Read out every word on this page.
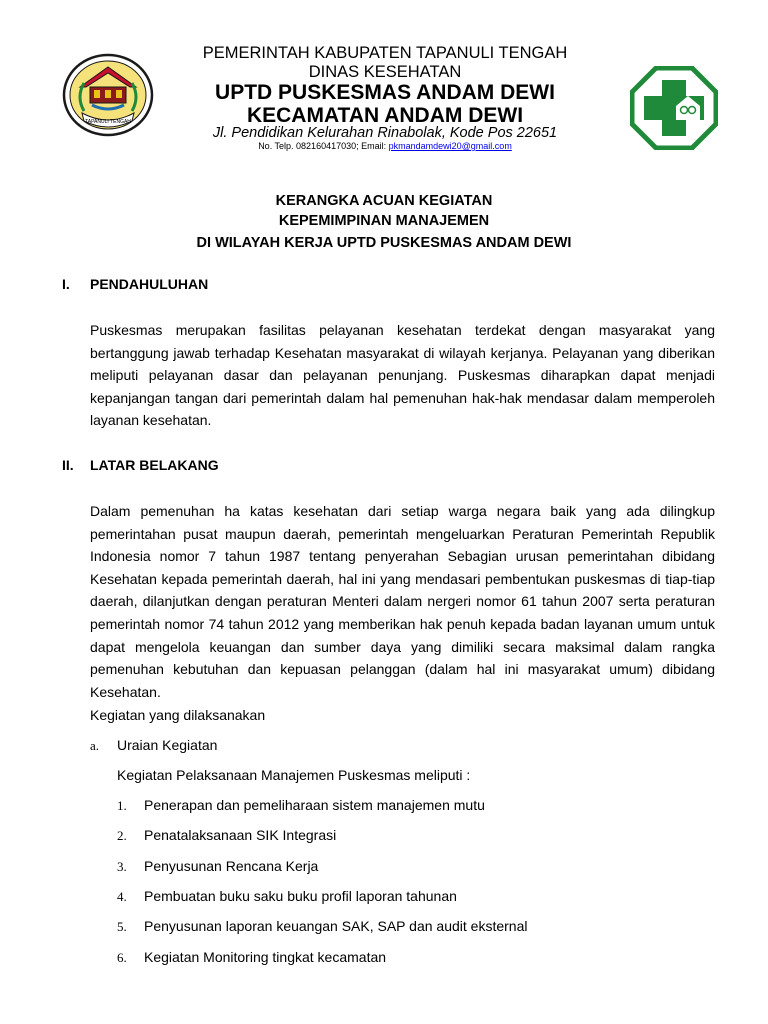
TAPANULI TENGAH
PEMERINTAH KABUPATEN TAPANULI TENGAH
DINAS KESEHATAN
UPTD PUSKESMAS ANDAM DEWI
KECAMATAN ANDAM DEWI
Jl. Pendidikan Kelurahan Rinabolak, Kode Pos 22651
No. Telp. 082160417030; Email: pkmandamdewi20@gmail.com
KERANGKA ACUAN KEGIATAN
KEPEMIMPINAN MANAJEMEN
DI WILAYAH KERJA UPTD PUSKESMAS ANDAM DEWI
I. PENDAHULUHAN
Puskesmas merupakan fasilitas pelayanan kesehatan terdekat dengan masyarakat yang bertanggung jawab terhadap Kesehatan masyarakat di wilayah kerjanya. Pelayanan yang diberikan meliputi pelayanan dasar dan pelayanan penunjang. Puskesmas diharapkan dapat menjadi kepanjangan tangan dari pemerintah dalam hal pemenuhan hak-hak mendasar dalam memperoleh layanan kesehatan.
II. LATAR BELAKANG
Dalam pemenuhan ha katas kesehatan dari setiap warga negara baik yang ada dilingkup pemerintahan pusat maupun daerah, pemerintah mengeluarkan Peraturan Pemerintah Republik Indonesia nomor 7 tahun 1987 tentang penyerahan Sebagian urusan pemerintahan dibidang Kesehatan kepada pemerintah daerah, hal ini yang mendasari pembentukan puskesmas di tiap-tiap daerah, dilanjutkan dengan peraturan Menteri dalam nergeri nomor 61 tahun 2007 serta peraturan pemerintah nomor 74 tahun 2012 yang memberikan hak penuh kepada badan layanan umum untuk dapat mengelola keuangan dan sumber daya yang dimiliki secara maksimal dalam rangka pemenuhan kebutuhan dan kepuasan pelanggan (dalam hal ini masyarakat umum) dibidang Kesehatan.
Kegiatan yang dilaksanakan
a. Uraian Kegiatan
Kegiatan Pelaksanaan Manajemen Puskesmas meliputi :
1. Penerapan dan pemeliharaan sistem manajemen mutu
2. Penatalaksanaan SIK Integrasi
3. Penyusunan Rencana Kerja
4. Pembuatan buku saku buku profil laporan tahunan
5. Penyusunan laporan keuangan SAK, SAP dan audit eksternal
6. Kegiatan Monitoring tingkat kecamatan
